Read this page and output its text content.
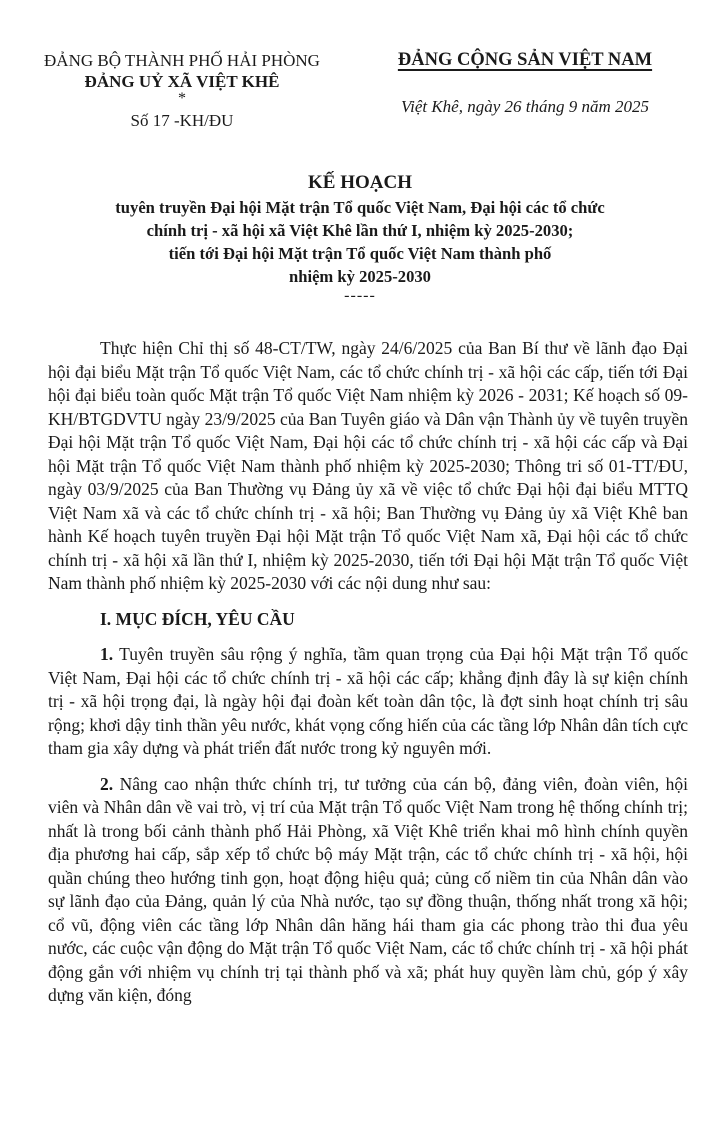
ĐẢNG BỘ THÀNH PHỐ HẢI PHÒNG
ĐẢNG UỶ XÃ VIỆT KHÊ
*
Số 17 -KH/ĐU
ĐẢNG CỘNG SẢN VIỆT NAM
Việt Khê, ngày 26 tháng 9 năm 2025
KẾ HOẠCH
tuyên truyền Đại hội Mặt trận Tổ quốc Việt Nam, Đại hội các tổ chức
chính trị - xã hội xã Việt Khê lần thứ I, nhiệm kỳ 2025-2030;
tiến tới Đại hội Mặt trận Tổ quốc Việt Nam thành phố
nhiệm kỳ 2025-2030
-----

Thực hiện Chỉ thị số 48-CT/TW, ngày 24/6/2025 của Ban Bí thư về lãnh đạo Đại hội đại biểu Mặt trận Tổ quốc Việt Nam, các tổ chức chính trị - xã hội các cấp, tiến tới Đại hội đại biểu toàn quốc Mặt trận Tổ quốc Việt Nam nhiệm kỳ 2026 - 2031; Kế hoạch số 09-KH/BTGDVTU ngày 23/9/2025 của Ban Tuyên giáo và Dân vận Thành ủy về tuyên truyền Đại hội Mặt trận Tổ quốc Việt Nam, Đại hội các tổ chức chính trị - xã hội các cấp và Đại hội Mặt trận Tổ quốc Việt Nam thành phố nhiệm kỳ 2025-2030; Thông tri số 01-TT/ĐU, ngày 03/9/2025 của Ban Thường vụ Đảng ủy xã về việc tổ chức Đại hội đại biểu MTTQ Việt Nam xã và các tổ chức chính trị - xã hội; Ban Thường vụ Đảng ủy xã Việt Khê ban hành Kế hoạch tuyên truyền Đại hội Mặt trận Tổ quốc Việt Nam xã, Đại hội các tổ chức chính trị - xã hội xã lần thứ I, nhiệm kỳ 2025-2030, tiến tới Đại hội Mặt trận Tổ quốc Việt Nam thành phố nhiệm kỳ 2025-2030 với các nội dung như sau:

I. MỤC ĐÍCH, YÊU CẦU

1. Tuyên truyền sâu rộng ý nghĩa, tầm quan trọng của Đại hội Mặt trận Tổ quốc Việt Nam, Đại hội các tổ chức chính trị - xã hội các cấp; khẳng định đây là sự kiện chính trị - xã hội trọng đại, là ngày hội đại đoàn kết toàn dân tộc, là đợt sinh hoạt chính trị sâu rộng; khơi dậy tinh thần yêu nước, khát vọng cống hiến của các tầng lớp Nhân dân tích cực tham gia xây dựng và phát triển đất nước trong kỷ nguyên mới.

2. Nâng cao nhận thức chính trị, tư tưởng của cán bộ, đảng viên, đoàn viên, hội viên và Nhân dân về vai trò, vị trí của Mặt trận Tổ quốc Việt Nam trong hệ thống chính trị; nhất là trong bối cảnh thành phố Hải Phòng, xã Việt Khê triển khai mô hình chính quyền địa phương hai cấp, sắp xếp tổ chức bộ máy Mặt trận, các tổ chức chính trị - xã hội, hội quần chúng theo hướng tinh gọn, hoạt động hiệu quả; củng cố niềm tin của Nhân dân vào sự lãnh đạo của Đảng, quản lý của Nhà nước, tạo sự đồng thuận, thống nhất trong xã hội; cổ vũ, động viên các tầng lớp Nhân dân hăng hái tham gia các phong trào thi đua yêu nước, các cuộc vận động do Mặt trận Tổ quốc Việt Nam, các tổ chức chính trị - xã hội phát động gắn với nhiệm vụ chính trị tại thành phố và xã; phát huy quyền làm chủ, góp ý xây dựng văn kiện, đóng
